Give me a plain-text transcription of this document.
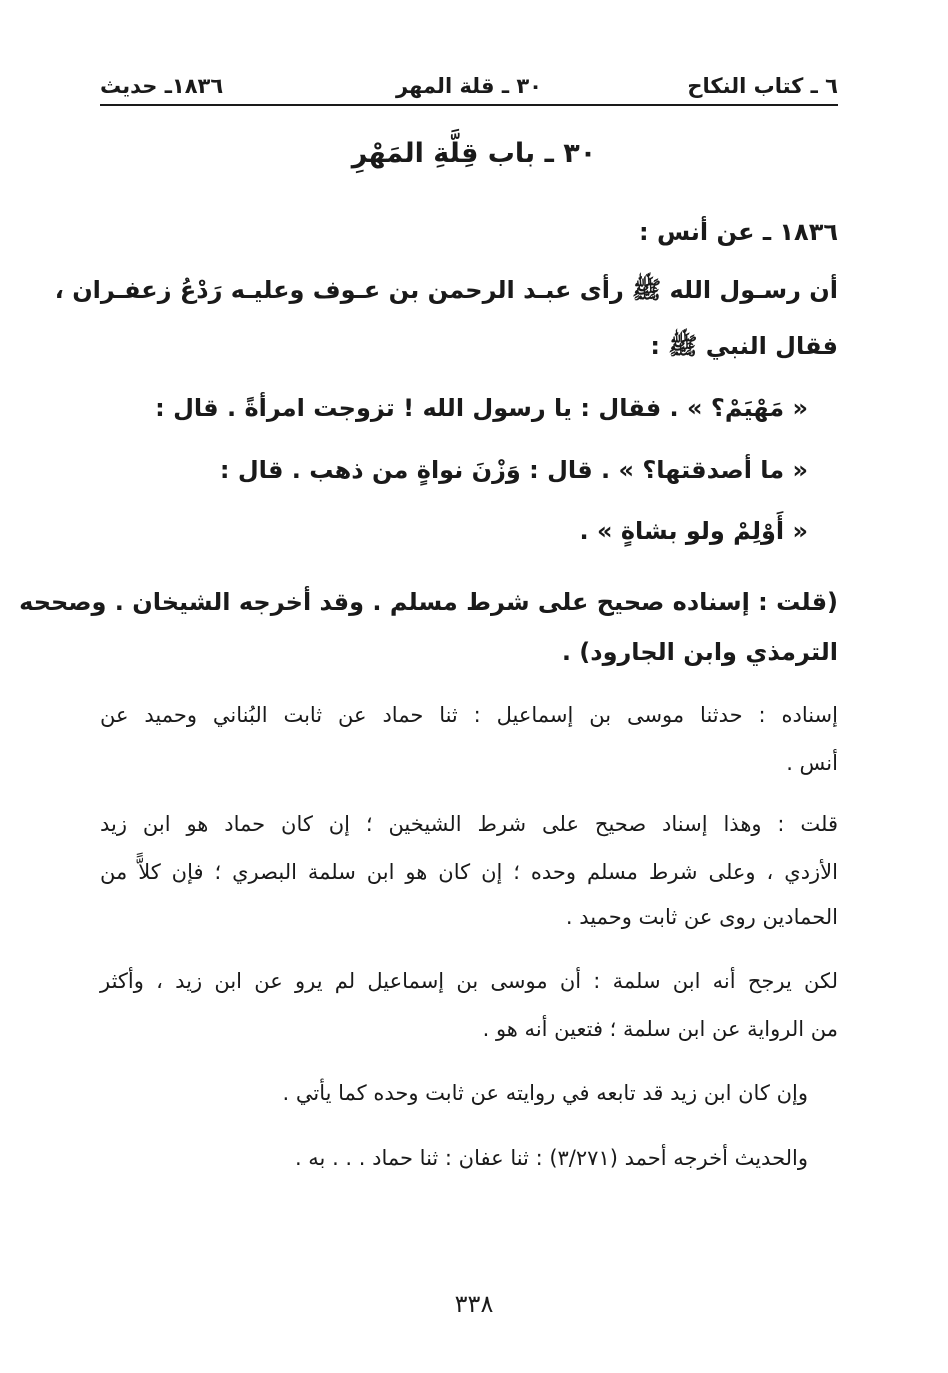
٦ ـ كتاب النكاح
٣٠ ـ قلة المهر
١٨٣٦ـ حديث
٣٠ ـ باب قِلَّةِ المَهْرِ
١٨٣٦ ـ عن أنس :
أن رسـول الله ﷺ رأى عبـد الرحمن بن عـوف وعليـه رَدْعُ زعفـران ،
فقال النبي ﷺ :
« مَهْيَمْ؟ » . فقال : يا رسول الله ! تزوجت امرأةً . قال :
« ما أصدقتها؟ » . قال : وَزْنَ نواةٍ من ذهب . قال :
« أَوْلِمْ ولو بشاةٍ » .
(قلت : إسناده صحيح على شرط مسلم . وقد أخرجه الشيخان . وصححه
الترمذي وابن الجارود) .
إسناده : حدثنا موسى بن إسماعيل : ثنا حماد عن ثابت البُناني وحميد عن
أنس .
قلت : وهذا إسناد صحيح على شرط الشيخين ؛ إن كان حماد هو ابن زيد
الأزدي ، وعلى شرط مسلم وحده ؛ إن كان هو ابن سلمة البصري ؛ فإن كلاًّ من
الحمادين روى عن ثابت وحميد .
لكن يرجح أنه ابن سلمة : أن موسى بن إسماعيل لم يرو عن ابن زيد ، وأكثر
من الرواية عن ابن سلمة ؛ فتعين أنه هو .
وإن كان ابن زيد قد تابعه في روايته عن ثابت وحده كما يأتي .
والحديث أخرجه أحمد (٣/٢٧١) : ثنا عفان : ثنا حماد . . . به .
٣٣٨
